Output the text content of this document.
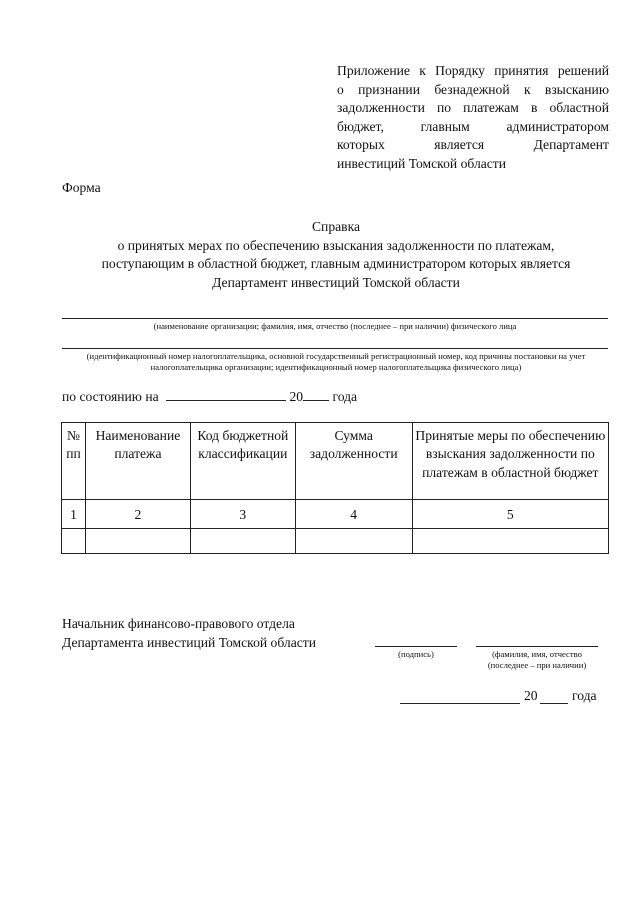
Приложение к Порядку принятия решений
о признании безнадежной к взысканию
задолженности по платежам в областной
бюджет, главным администратором
которых является Департамент
инвестиций Томской области
Форма
Справка
о принятых мерах по обеспечению взыскания задолженности по платежам,
поступающим в областной бюджет, главным администратором которых является
Департамент инвестиций Томской области
(наименование организации; фамилия, имя, отчество (последнее – при наличии) физического лица
(идентификационный номер налогоплательщика, основной государственный регистрационный номер, код причины постановки на учет налогоплательщика организации; идентификационный номер налогоплательщика физического лица)
по состоянию на	20 года
№ пп	Наименование платежа	Код бюджетной классификации	Сумма задолженности	Принятые меры по обеспечению взыскания задолженности по платежам в областной бюджет
1	2	3	4	5

Начальник финансово-правового отдела
Департамента инвестиций Томской области
(подпись)	(фамилия, имя, отчество
(последнее – при наличии)
20	года
